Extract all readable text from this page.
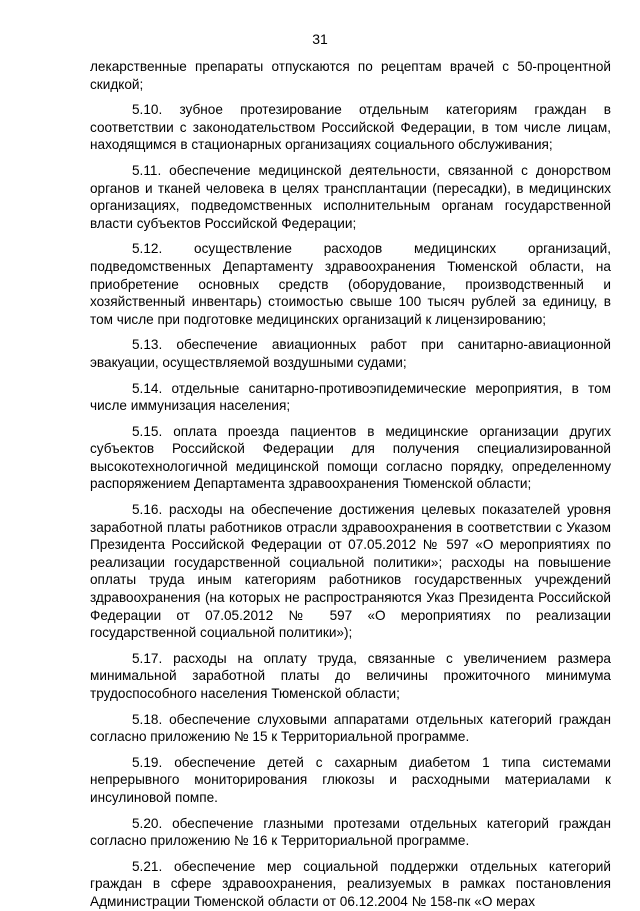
31

лекарственные препараты отпускаются по рецептам врачей с 50-процентной скидкой;

5.10. зубное протезирование отдельным категориям граждан в соответствии с законодательством Российской Федерации, в том числе лицам, находящимся в стационарных организациях социального обслуживания;

5.11. обеспечение медицинской деятельности, связанной с донорством органов и тканей человека в целях трансплантации (пересадки), в медицинских организациях, подведомственных исполнительным органам государственной власти субъектов Российской Федерации;

5.12. осуществление расходов медицинских организаций, подведомственных Департаменту здравоохранения Тюменской области, на приобретение основных средств (оборудование, производственный и хозяйственный инвентарь) стоимостью свыше 100 тысяч рублей за единицу, в том числе при подготовке медицинских организаций к лицензированию;

5.13. обеспечение авиационных работ при санитарно-авиационной эвакуации, осуществляемой воздушными судами;

5.14. отдельные санитарно-противоэпидемические мероприятия, в том числе иммунизация населения;

5.15. оплата проезда пациентов в медицинские организации других субъектов Российской Федерации для получения специализированной высокотехнологичной медицинской помощи согласно порядку, определенному распоряжением Департамента здравоохранения Тюменской области;

5.16. расходы на обеспечение достижения целевых показателей уровня заработной платы работников отрасли здравоохранения в соответствии с Указом Президента Российской Федерации от 07.05.2012 № 597 «О мероприятиях по реализации государственной социальной политики»; расходы на повышение оплаты труда иным категориям работников государственных учреждений здравоохранения (на которых не распространяются Указ Президента Российской Федерации от 07.05.2012 № 597 «О мероприятиях по реализации государственной социальной политики»);

5.17. расходы на оплату труда, связанные с увеличением размера минимальной заработной платы до величины прожиточного минимума трудоспособного населения Тюменской области;

5.18. обеспечение слуховыми аппаратами отдельных категорий граждан согласно приложению № 15 к Территориальной программе.

5.19. обеспечение детей с сахарным диабетом 1 типа системами непрерывного мониторирования глюкозы и расходными материалами к инсулиновой помпе.

5.20. обеспечение глазными протезами отдельных категорий граждан согласно приложению № 16 к Территориальной программе.

5.21. обеспечение мер социальной поддержки отдельных категорий граждан в сфере здравоохранения, реализуемых в рамках постановления Администрации Тюменской области от 06.12.2004 № 158-пк «О мерах
